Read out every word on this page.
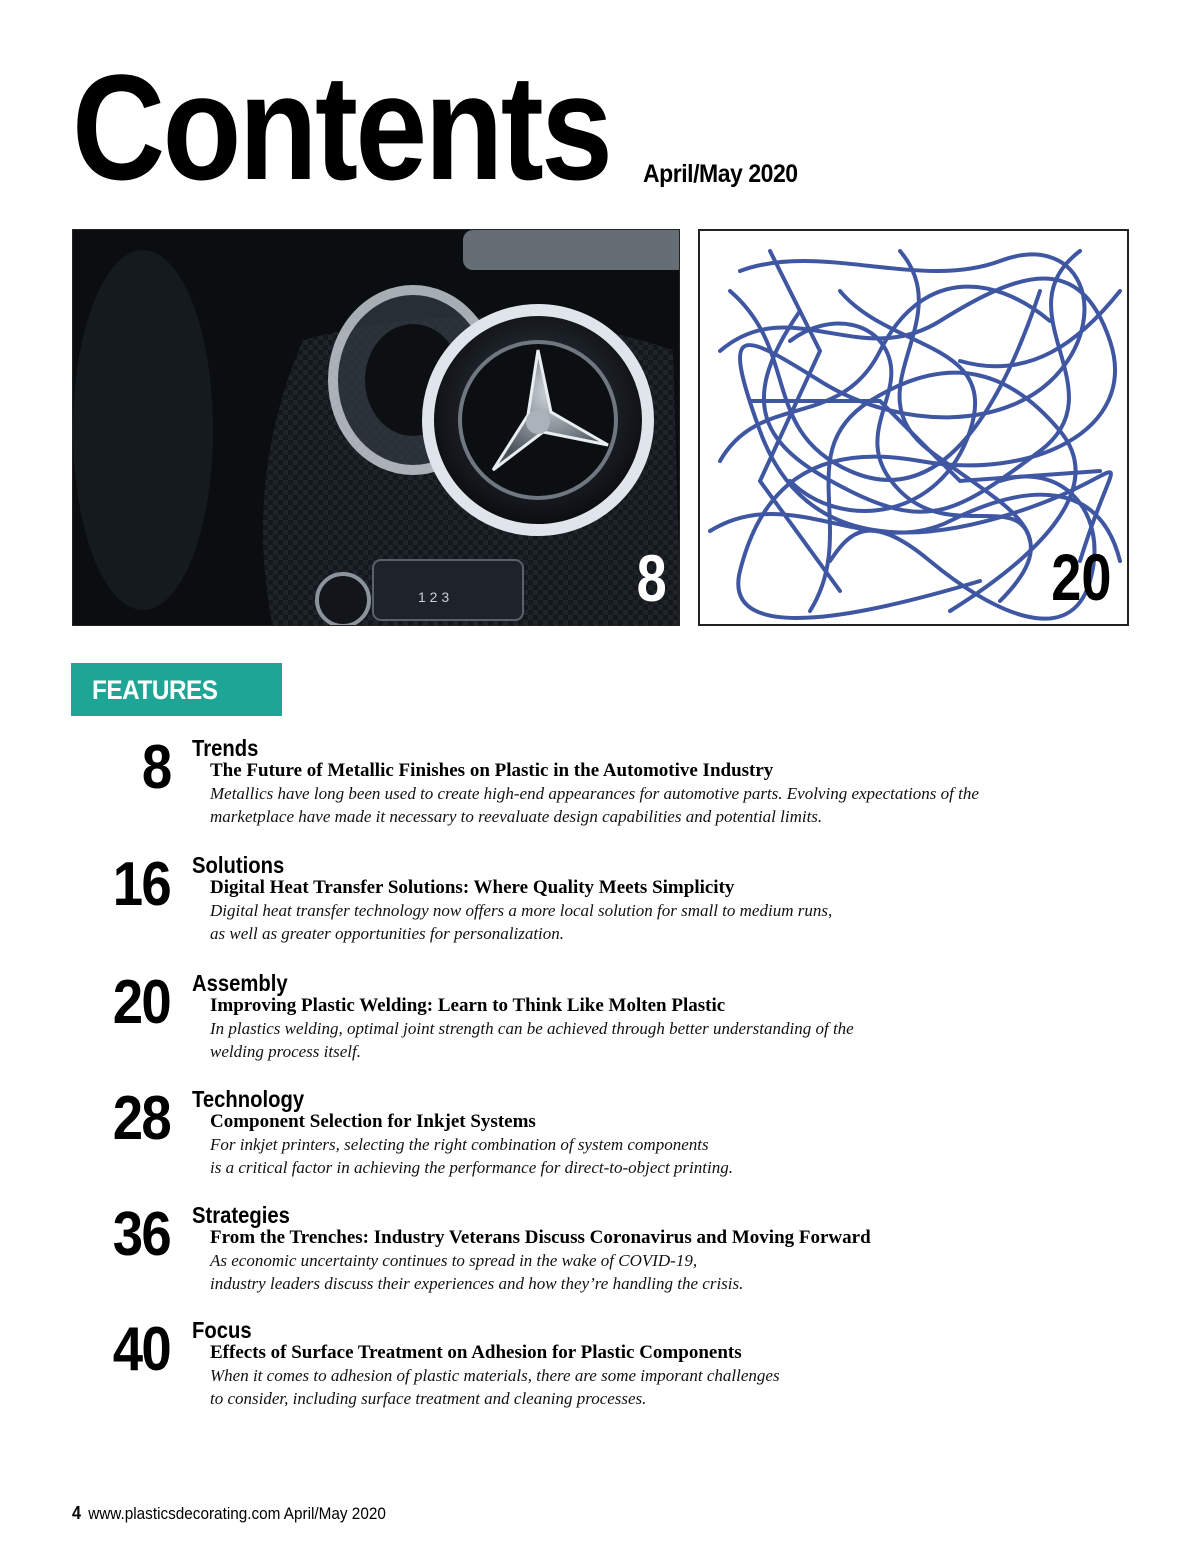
Contents April/May 2020
1 2 3	8	20
FEATURES
8 Trends
The Future of Metallic Finishes on Plastic in the Automotive Industry
Metallics have long been used to create high-end appearances for automotive parts. Evolving expectations of the
marketplace have made it necessary to reevaluate design capabilities and potential limits.
16 Solutions
Digital Heat Transfer Solutions: Where Quality Meets Simplicity
Digital heat transfer technology now offers a more local solution for small to medium runs,
as well as greater opportunities for personalization.
20 Assembly
Improving Plastic Welding: Learn to Think Like Molten Plastic
In plastics welding, optimal joint strength can be achieved through better understanding of the
welding process itself.
28 Technology
Component Selection for Inkjet Systems
For inkjet printers, selecting the right combination of system components
is a critical factor in achieving the performance for direct-to-object printing.
36 Strategies
From the Trenches: Industry Veterans Discuss Coronavirus and Moving Forward
As economic uncertainty continues to spread in the wake of COVID-19,
industry leaders discuss their experiences and how they’re handling the crisis.
40 Focus
Effects of Surface Treatment on Adhesion for Plastic Components
When it comes to adhesion of plastic materials, there are some imporant challenges
to consider, including surface treatment and cleaning processes.
4 www.plasticsdecorating.com April/May 2020
